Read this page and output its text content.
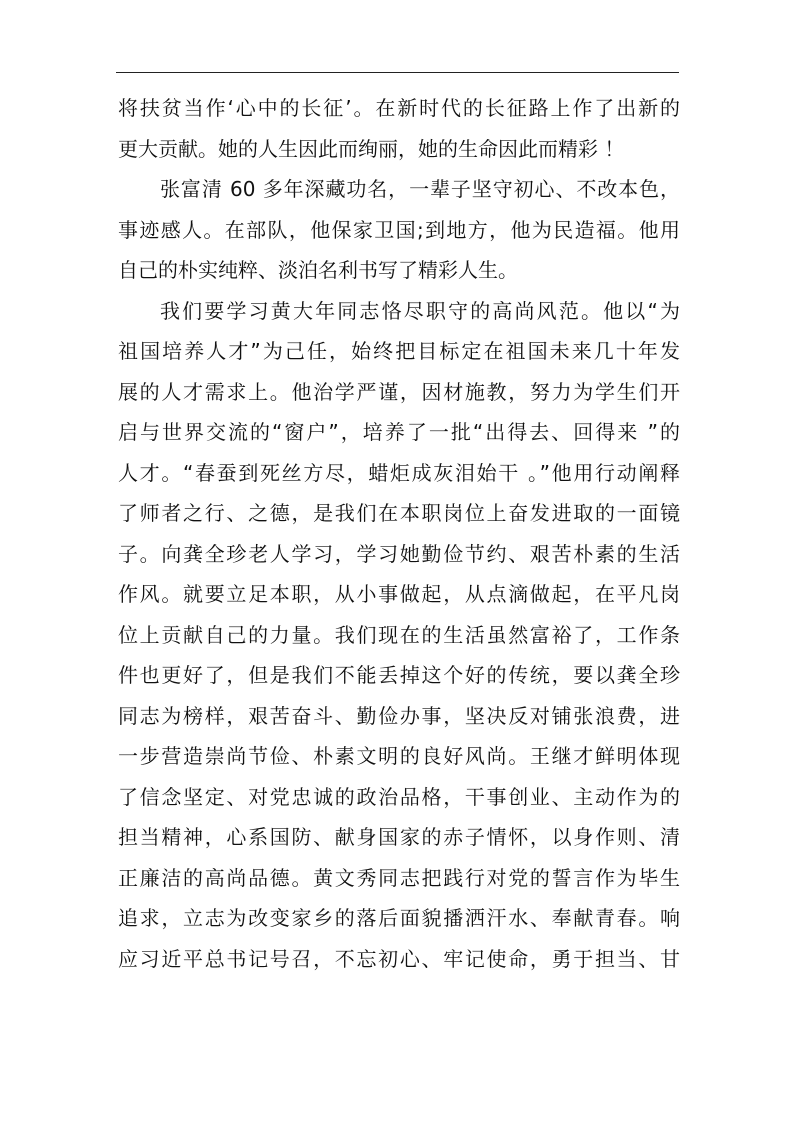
将扶贫当作‘心中的长征’。在新时代的长征路上作了出新的
更大贡献。她的人生因此而绚丽，她的生命因此而精彩 ！
张富清 60 多年深藏功名，一辈子坚守初心、不改本色，
事迹感人。在部队，他保家卫国;到地方，他为民造福。他用
自己的朴实纯粹、淡泊名利书写了精彩人生。
我们要学习黄大年同志恪尽职守的高尚风范。他以“为
祖国培养人才”为己任，始终把目标定在祖国未来几十年发
展的人才需求上。他治学严谨，因材施教，努力为学生们开
启与世界交流的“窗户”，培养了一批“出得去、回得来 ”的
人才。“春蚕到死丝方尽，蜡炬成灰泪始干 。”他用行动阐释
了师者之行、之德，是我们在本职岗位上奋发进取的一面镜
子。向龚全珍老人学习，学习她勤俭节约、艰苦朴素的生活
作风。就要立足本职，从小事做起，从点滴做起，在平凡岗
位上贡献自己的力量。我们现在的生活虽然富裕了，工作条
件也更好了，但是我们不能丢掉这个好的传统，要以龚全珍
同志为榜样，艰苦奋斗、勤俭办事，坚决反对铺张浪费，进
一步营造崇尚节俭、朴素文明的良好风尚。王继才鲜明体现
了信念坚定、对党忠诚的政治品格，干事创业、主动作为的
担当精神，心系国防、献身国家的赤子情怀，以身作则、清
正廉洁的高尚品德。黄文秀同志把践行对党的誓言作为毕生
追求，立志为改变家乡的落后面貌播洒汗水、奉献青春。响
应习近平总书记号召，不忘初心、牢记使命，勇于担当、甘
